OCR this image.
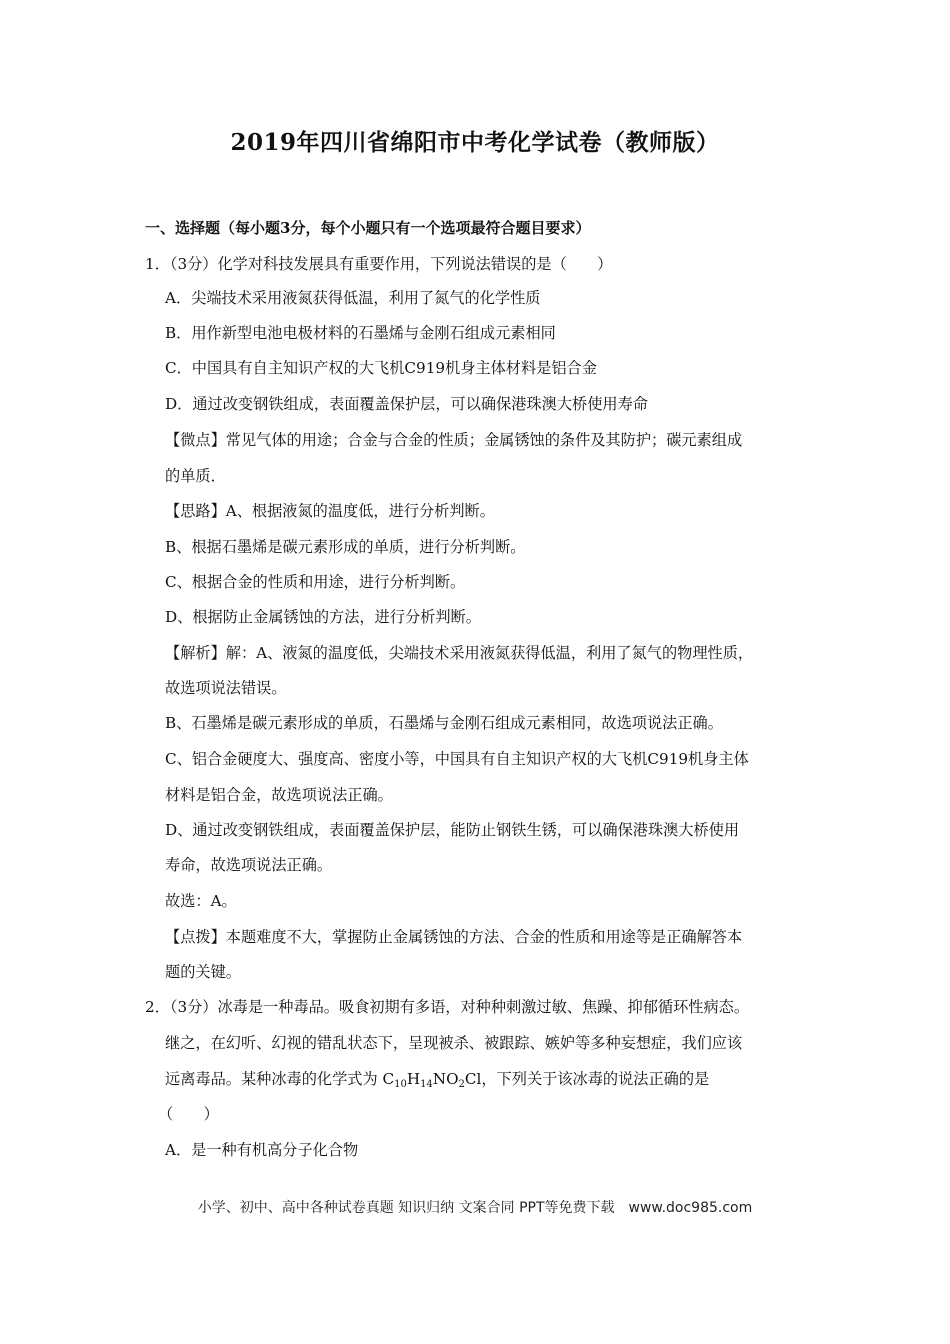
2019年四川省绵阳市中考化学试卷（教师版）
一、选择题（每小题3分，每个小题只有一个选项最符合题目要求）
1．（3分）化学对科技发展具有重要作用，下列说法错误的是（　　）
A．尖端技术采用液氮获得低温，利用了氮气的化学性质
B．用作新型电池电极材料的石墨烯与金刚石组成元素相同
C．中国具有自主知识产权的大飞机C919机身主体材料是铝合金
D．通过改变钢铁组成，表面覆盖保护层，可以确保港珠澳大桥使用寿命
【微点】常见气体的用途；合金与合金的性质；金属锈蚀的条件及其防护；碳元素组成
的单质．
【思路】A、根据液氮的温度低，进行分析判断。
B、根据石墨烯是碳元素形成的单质，进行分析判断。
C、根据合金的性质和用途，进行分析判断。
D、根据防止金属锈蚀的方法，进行分析判断。
【解析】解：A、液氮的温度低，尖端技术采用液氮获得低温，利用了氮气的物理性质，
故选项说法错误。
B、石墨烯是碳元素形成的单质，石墨烯与金刚石组成元素相同，故选项说法正确。
C、铝合金硬度大、强度高、密度小等，中国具有自主知识产权的大飞机C919机身主体
材料是铝合金，故选项说法正确。
D、通过改变钢铁组成，表面覆盖保护层，能防止钢铁生锈，可以确保港珠澳大桥使用
寿命，故选项说法正确。
故选：A。
【点拨】本题难度不大，掌握防止金属锈蚀的方法、合金的性质和用途等是正确解答本
题的关键。
2．（3分）冰毒是一种毒品。吸食初期有多语，对种种刺激过敏、焦躁、抑郁循环性病态。
继之，在幻听、幻视的错乱状态下，呈现被杀、被跟踪、嫉妒等多种妄想症，我们应该
远离毒品。某种冰毒的化学式为 $C_{10}H_{14}NO_2Cl$，下列关于该冰毒的说法正确的是
（　　）
A．是一种有机高分子化合物
小学、初中、高中各种试卷真题 知识归纳 文案合同 PPT等免费下载 www.doc985.com
